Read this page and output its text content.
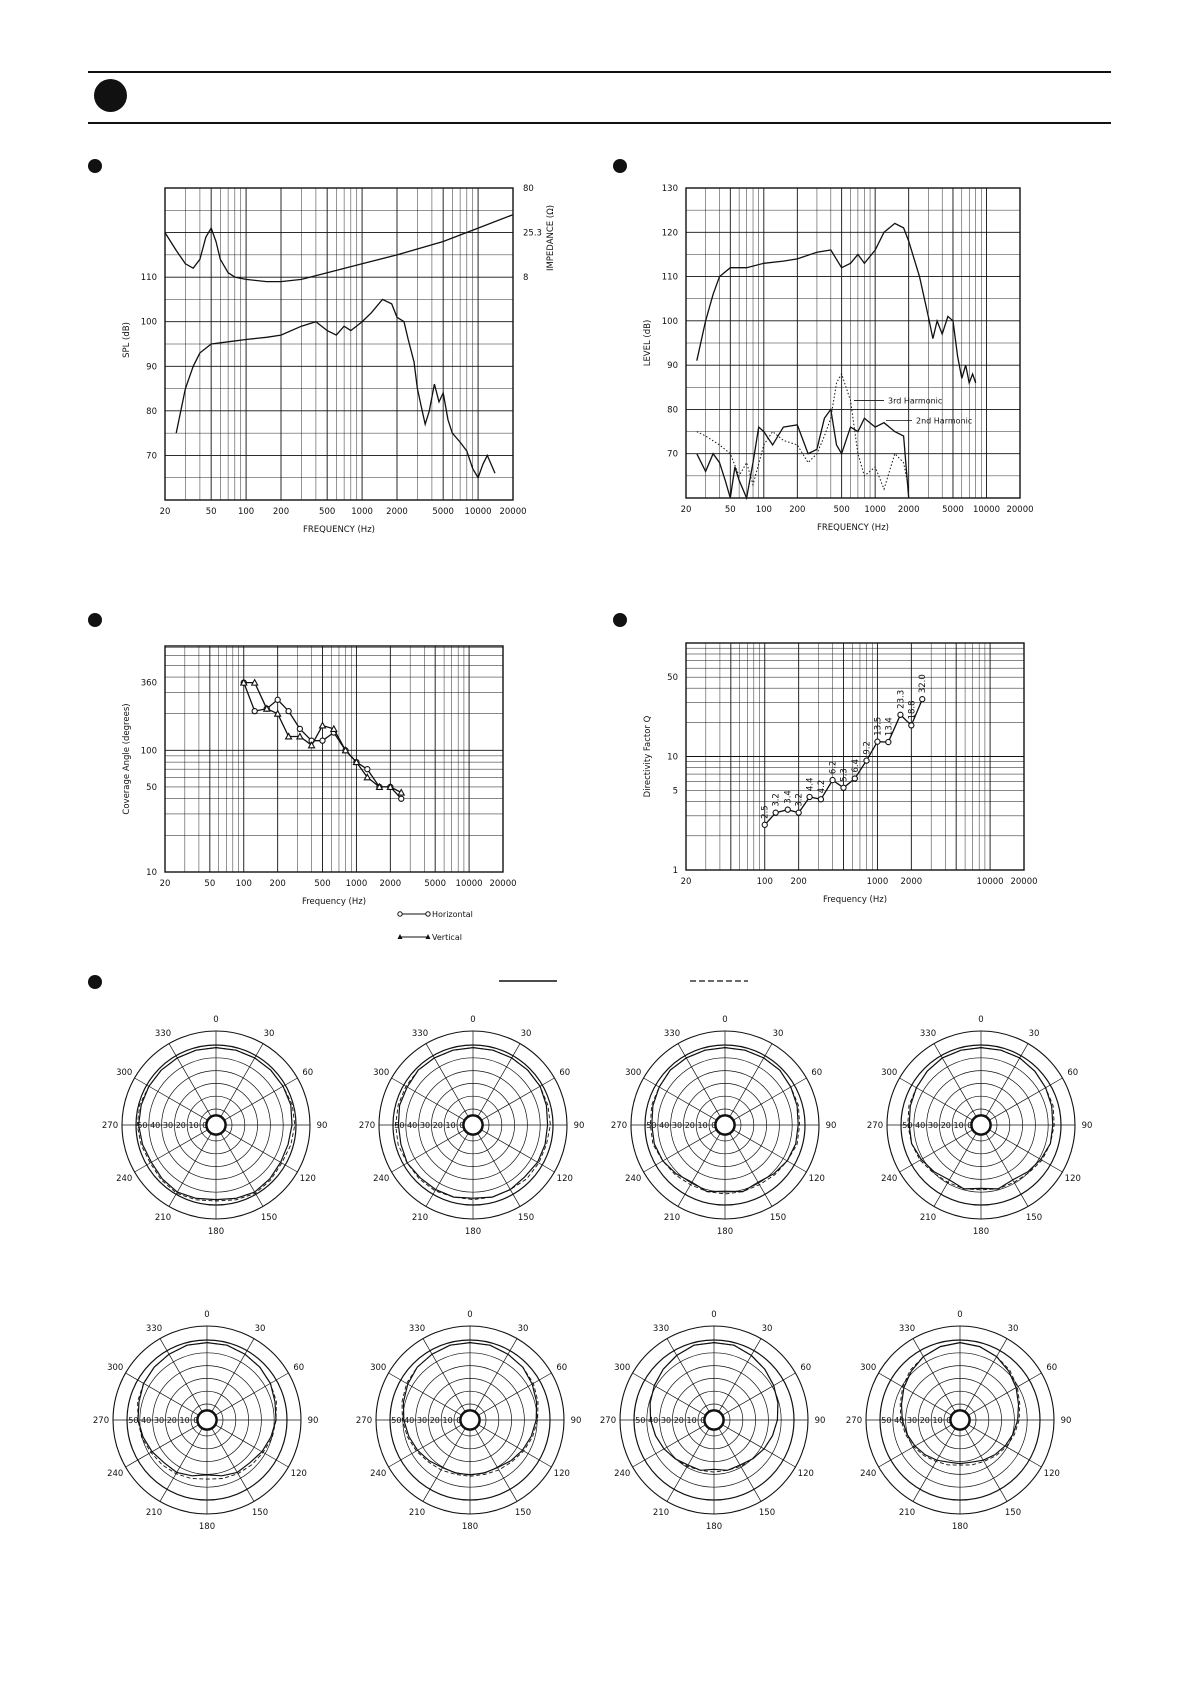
20	50	100 200	500 1000 2000	5000 10000 20000
FREQUENCY (Hz)
70
80
90
100
110
SPL (dB)
80
25.3
8
IMPEDANCE (Ω)
20	50 100 200	500 1000 2000	5000 10000 20000
FREQUENCY (Hz)
70
80
90
100
110
120
130
LEVEL (dB)
3rd Harmonic
2nd Harmonic
20	50 100 200	500 1000 2000	5000 10000 20000
Frequency (Hz)
10
50
100
360
Coverage Angle (degrees)
Horizontal
Vertical
20	100 200	1000 2000	10000 20000
Frequency (Hz)
1
5
10
50
Directivity Factor Q
2.5
3.2 3.4 3.2
4.4 4.2
6.2
5.3
6.4
9.2
13.5 13.4
23.3
18.8
32.0
0
30
60
90
120
150
180
210
240
270
300
330
50 40 30 20 10 0
0
30
60
90
120
150
180
210
240
270
300
330
50 40 30 20 10 0
0
30
60
90
120
150
180
210
240
270
300
330
50 40 30 20 10 0
0
30
60
90
120
150
180
210
240
270
300
330
50 40 30 20 10 0
0
30
60
90
120
150
180
210
240
270
300
330
50 40 30 20 10 0
0
30
60
90
120
150
180
210
240
270
300
330
50 40 30 20 10 0
0
30
60
90
120
150
180
210
240
270
300
330
50 40 30 20 10 0
0
30
60
90
120
150
180
210
240
270
300
330
50 40 30 20 10 0
